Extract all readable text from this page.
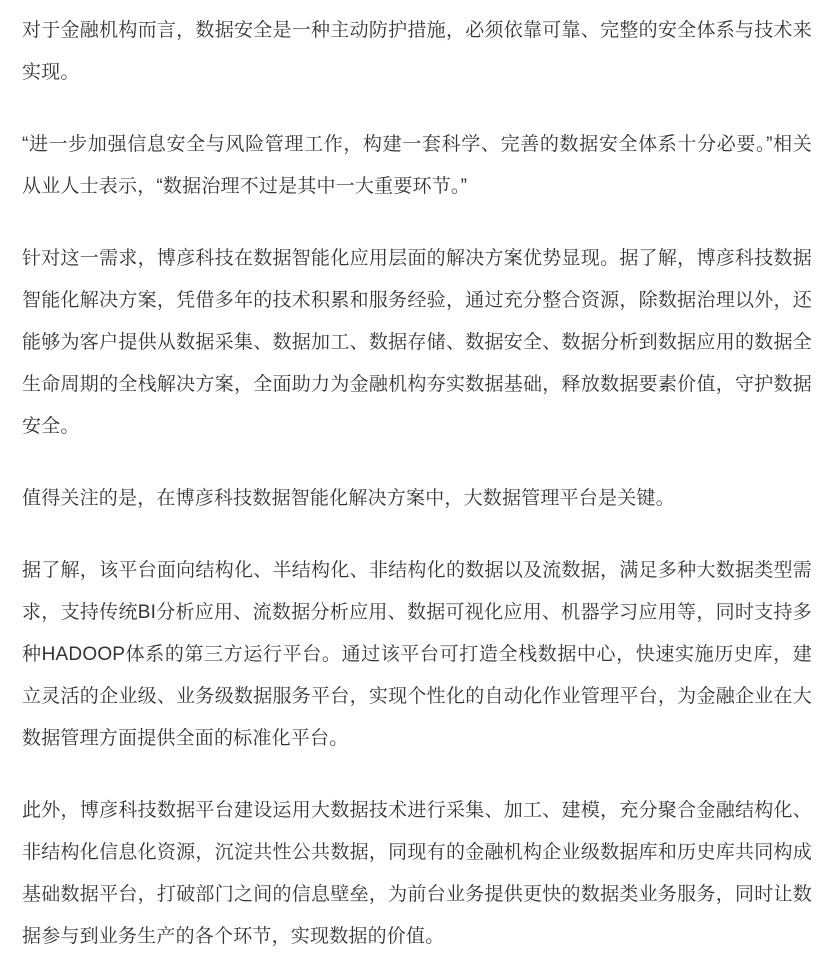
对于金融机构而言，数据安全是一种主动防护措施，必须依靠可靠、完整的安全体系与技术来实现。

“进一步加强信息安全与风险管理工作，构建一套科学、完善的数据安全体系十分必要。”相关从业人士表示，“数据治理不过是其中一大重要环节。”

针对这一需求，博彦科技在数据智能化应用层面的解决方案优势显现。据了解，博彦科技数据智能化解决方案，凭借多年的技术积累和服务经验，通过充分整合资源，除数据治理以外，还能够为客户提供从数据采集、数据加工、数据存储、数据安全、数据分析到数据应用的数据全生命周期的全栈解决方案，全面助力为金融机构夯实数据基础，释放数据要素价值，守护数据安全。

值得关注的是，在博彦科技数据智能化解决方案中，大数据管理平台是关键。

据了解，该平台面向结构化、半结构化、非结构化的数据以及流数据，满足多种大数据类型需求，支持传统BI分析应用、流数据分析应用、数据可视化应用、机器学习应用等，同时支持多种HADOOP体系的第三方运行平台。通过该平台可打造全栈数据中心，快速实施历史库，建立灵活的企业级、业务级数据服务平台，实现个性化的自动化作业管理平台，为金融企业在大数据管理方面提供全面的标准化平台。

此外，博彦科技数据平台建设运用大数据技术进行采集、加工、建模，充分聚合金融结构化、非结构化信息化资源，沉淀共性公共数据，同现有的金融机构企业级数据库和历史库共同构成基础数据平台，打破部门之间的信息壁垒，为前台业务提供更快的数据类业务服务，同时让数据参与到业务生产的各个环节，实现数据的价值。
